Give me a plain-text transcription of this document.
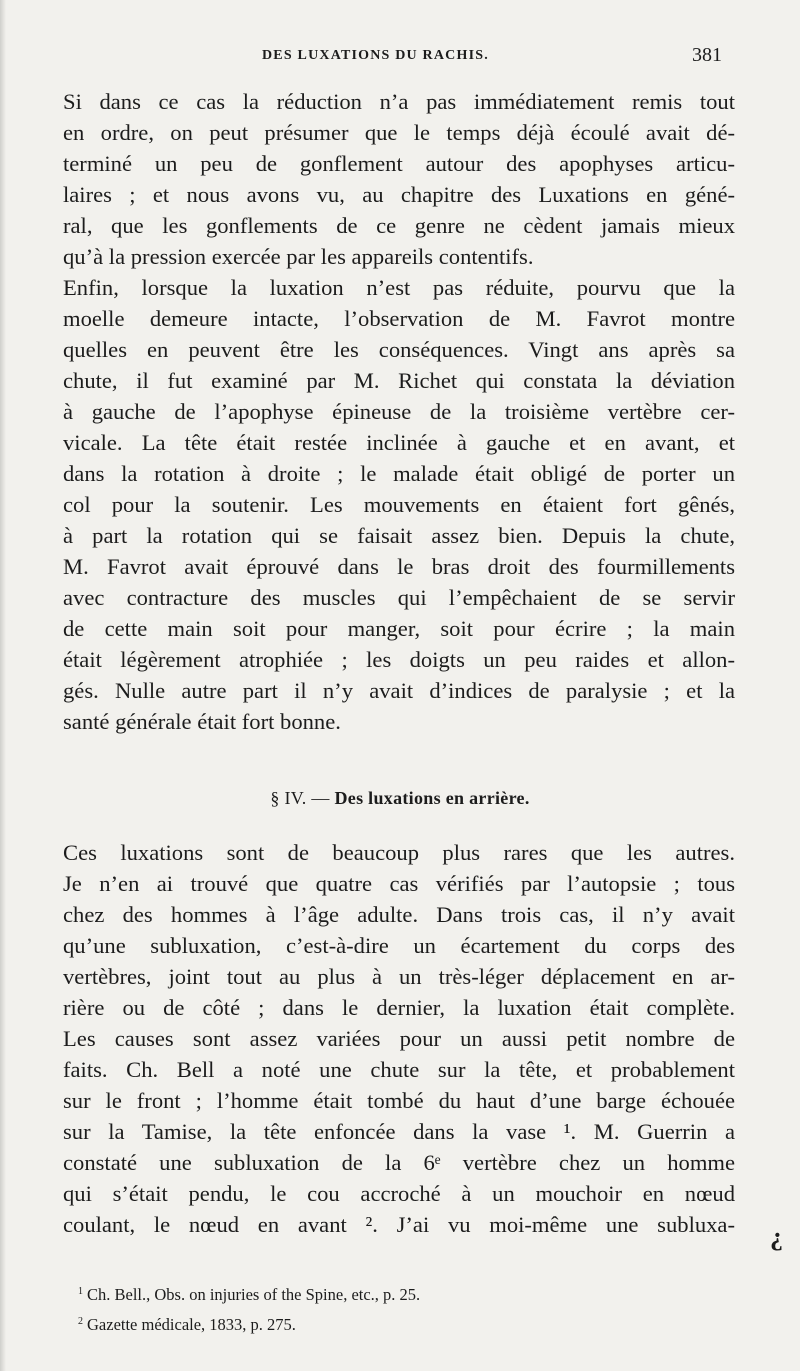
DES LUXATIONS DU RACHIS.	381
Si dans ce cas la réduction n’a pas immédiatement remis tout
en ordre, on peut présumer que le temps déjà écoulé avait dé-
terminé un peu de gonflement autour des apophyses articu-
laires ; et nous avons vu, au chapitre des Luxations en géné-
ral, que les gonflements de ce genre ne cèdent jamais mieux
qu’à la pression exercée par les appareils contentifs.
Enfin, lorsque la luxation n’est pas réduite, pourvu que la
moelle demeure intacte, l’observation de M. Favrot montre
quelles en peuvent être les conséquences. Vingt ans après sa
chute, il fut examiné par M. Richet qui constata la déviation
à gauche de l’apophyse épineuse de la troisième vertèbre cer-
vicale. La tête était restée inclinée à gauche et en avant, et
dans la rotation à droite ; le malade était obligé de porter un
col pour la soutenir. Les mouvements en étaient fort gênés,
à part la rotation qui se faisait assez bien. Depuis la chute,
M. Favrot avait éprouvé dans le bras droit des fourmillements
avec contracture des muscles qui l’empêchaient de se servir
de cette main soit pour manger, soit pour écrire ; la main
était légèrement atrophiée ; les doigts un peu raides et allon-
gés. Nulle autre part il n’y avait d’indices de paralysie ; et la
santé générale était fort bonne.
§ IV. — Des luxations en arrière.
Ces luxations sont de beaucoup plus rares que les autres.
Je n’en ai trouvé que quatre cas vérifiés par l’autopsie ; tous
chez des hommes à l’âge adulte. Dans trois cas, il n’y avait
qu’une subluxation, c’est-à-dire un écartement du corps des
vertèbres, joint tout au plus à un très-léger déplacement en ar-
rière ou de côté ; dans le dernier, la luxation était complète.
Les causes sont assez variées pour un aussi petit nombre de
faits. Ch. Bell a noté une chute sur la tête, et probablement
sur le front ; l’homme était tombé du haut d’une barge échouée
sur la Tamise, la tête enfoncée dans la vase ¹. M. Guerrin a
constaté une subluxation de la 6ᵉ vertèbre chez un homme
qui s’était pendu, le cou accroché à un mouchoir en nœud
coulant, le nœud en avant ². J’ai vu moi-même une subluxa- ¿
$^1$ Ch. Bell., Obs. on injuries of the Spine, etc., p. 25.
$^2$ Gazette médicale, 1833, p. 275.
